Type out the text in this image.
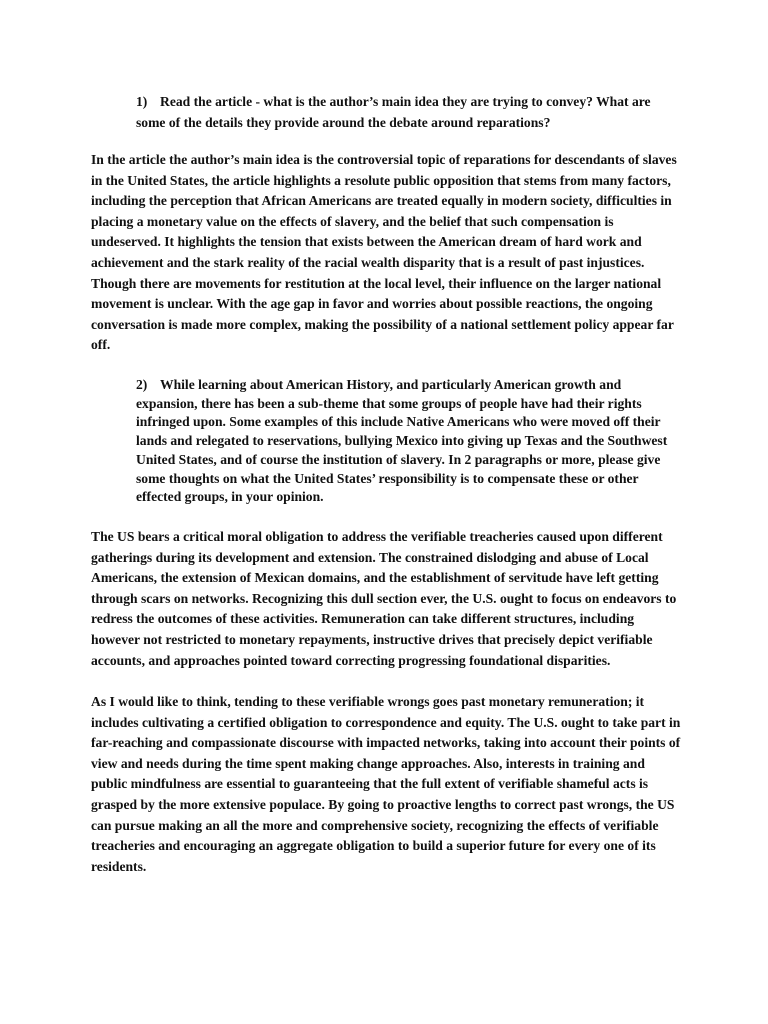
1) Read the article - what is the author’s main idea they are trying to convey? What are some of the details they provide around the debate around reparations?

In the article the author’s main idea is the controversial topic of reparations for descendants of slaves in the United States, the article highlights a resolute public opposition that stems from many factors, including the perception that African Americans are treated equally in modern society, difficulties in placing a monetary value on the effects of slavery, and the belief that such compensation is undeserved. It highlights the tension that exists between the American dream of hard work and achievement and the stark reality of the racial wealth disparity that is a result of past injustices. Though there are movements for restitution at the local level, their influence on the larger national movement is unclear. With the age gap in favor and worries about possible reactions, the ongoing conversation is made more complex, making the possibility of a national settlement policy appear far off.

2) While learning about American History, and particularly American growth and expansion, there has been a sub-theme that some groups of people have had their rights infringed upon. Some examples of this include Native Americans who were moved off their lands and relegated to reservations, bullying Mexico into giving up Texas and the Southwest United States, and of course the institution of slavery. In 2 paragraphs or more, please give some thoughts on what the United States’ responsibility is to compensate these or other effected groups, in your opinion.

The US bears a critical moral obligation to address the verifiable treacheries caused upon different gatherings during its development and extension. The constrained dislodging and abuse of Local Americans, the extension of Mexican domains, and the establishment of servitude have left getting through scars on networks. Recognizing this dull section ever, the U.S. ought to focus on endeavors to redress the outcomes of these activities. Remuneration can take different structures, including however not restricted to monetary repayments, instructive drives that precisely depict verifiable accounts, and approaches pointed toward correcting progressing foundational disparities.

As I would like to think, tending to these verifiable wrongs goes past monetary remuneration; it includes cultivating a certified obligation to correspondence and equity. The U.S. ought to take part in far-reaching and compassionate discourse with impacted networks, taking into account their points of view and needs during the time spent making change approaches. Also, interests in training and public mindfulness are essential to guaranteeing that the full extent of verifiable shameful acts is grasped by the more extensive populace. By going to proactive lengths to correct past wrongs, the US can pursue making an all the more and comprehensive society, recognizing the effects of verifiable treacheries and encouraging an aggregate obligation to build a superior future for every one of its residents.
